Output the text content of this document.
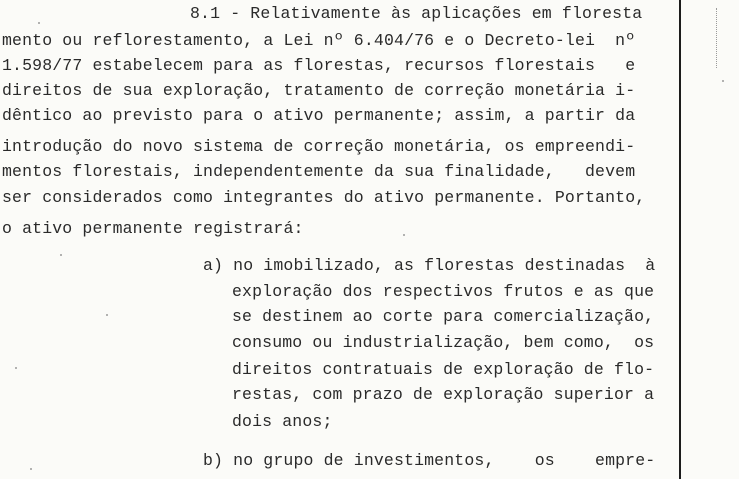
8.1 - Relativamente às aplicações em floresta
mento ou reflorestamento, a Lei nº 6.404/76 e o Decreto-lei  nº
1.598/77 estabelecem para as florestas, recursos florestais   e
direitos de sua exploração, tratamento de correção monetária i-
dêntico ao previsto para o ativo permanente; assim, a partir da
introdução do novo sistema de correção monetária, os empreendi-
mentos florestais, independentemente da sua finalidade,   devem
ser considerados como integrantes do ativo permanente. Portanto,
o ativo permanente registrará:
a) no imobilizado, as florestas destinadas  à
exploração dos respectivos frutos e as que
se destinem ao corte para comercialização,
consumo ou industrialização, bem como,  os
direitos contratuais de exploração de flo-
restas, com prazo de exploração superior a
dois anos;
b) no grupo de investimentos,    os    empre-
